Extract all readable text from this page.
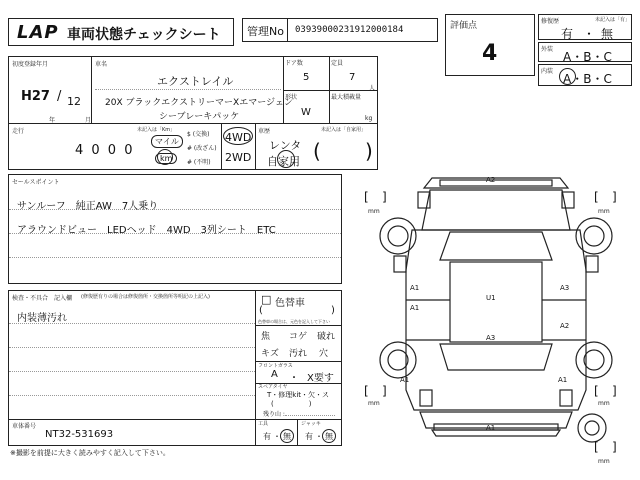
LAP 車両状態チェックシート 管理No 03939000231912000184	評価点
4
修復歴	未記入は「有」
有 ・ 無
外装
A・B・C
内装
A・B・C
初度登録年月
H27 / 12
年	月
車名
エクストレイル
20X ブラックエクストリーマーXエマージェン
シーブレーキパッケ
ドア数
5
定員
7
人
形状
W
最大積載量
kg
走行
4 0 0 0
未記入は「Km」
マイル
km
$ (交換)
# (改ざん)
# (不明)
4WD
2WD
車歴	未記入は「自家用」
レンタ
自家用 ( )
セールスポイント
サンルーフ　純正AW　7人乗り
アラウンドビュー　LEDヘッド　4WD　3列シート　ETC
検査・不具合　記入欄 (修復歴有りの場合は修復箇所・交換箇所等明記の上記入)
内装薄汚れ
□ 色替車
(	)
色替車の場合は、元色を記入して下さい
焦 コゲ 破れ
キズ 汚れ 穴
フロントガラス
A ・ X要す
スペアタイヤ
T・修理kit・欠・ス
(　　　　　)
残り山 :
車体番号
NT32-531693
工具
有 ・ 無
ジャッキ
有 ・ 無
※撮影を前提に大きく読みやすく記入して下さい。
[ ]
mm
[ ]
mm
[ ]
mm
[ ]
mm
[ ]
mm
A2
A1
A1
U1
A3
A2
A3
A1	A1
A1
